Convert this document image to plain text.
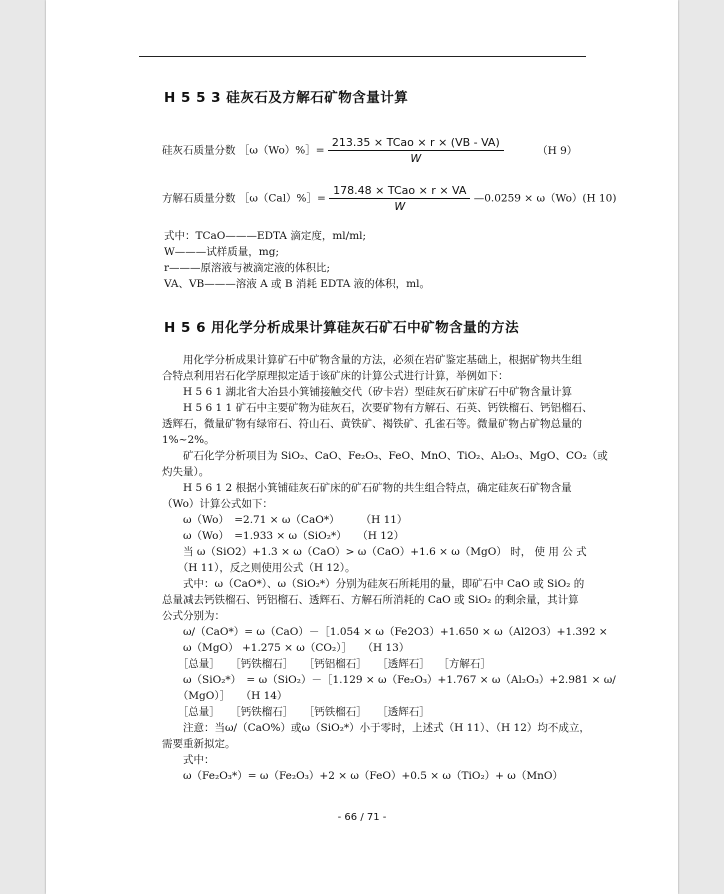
H 5 5 3 硅灰石及方解石矿物含量计算
硅灰石质量分数 ［ω（Wo）%］= $\frac{\text{213.35 × TCao × r × (VB - VA)}}{W}$	（H 9）
方解石质量分数 ［ω（Cal）%］= $\frac{\text{178.48 × TCao × r × VA}}{W}$ —0.0259 × ω（Wo）(H 10)
式中：TCaO———EDTA 滴定度，ml/ml;
W———试样质量，mg;
r———原溶液与被滴定液的体积比;
VA、VB———溶液 A 或 B 消耗 EDTA 液的体积，ml。
H 5 6 用化学分析成果计算硅灰石矿石中矿物含量的方法
　　用化学分析成果计算矿石中矿物含量的方法，必须在岩矿鉴定基础上，根据矿物共生组
合特点利用岩石化学原理拟定适于该矿床的计算公式进行计算，举例如下：
　　H 5 6 1 湖北省大冶县小箕铺接触交代（矽卡岩）型硅灰石矿床矿石中矿物含量计算
　　H 5 6 1 1 矿石中主要矿物为硅灰石，次要矿物有方解石、石英、钙铁榴石、钙铝榴石、
透辉石，微量矿物有绿帘石、符山石、黄铁矿、褐铁矿、孔雀石等。微量矿物占矿物总量的
1%~2%。
　　矿石化学分析项目为 SiO₂、CaO、Fe₂O₃、FeO、MnO、TiO₂、Al₂O₃、MgO、CO₂（或
灼失量）。
　　H 5 6 1 2 根据小箕铺硅灰石矿床的矿石矿物的共生组合特点，确定硅灰石矿物含量
（Wo）计算公式如下：
　　ω（Wo）　=2.71 × ω（CaO*）　　　（H 11）
　　ω（Wo）　=1.933 × ω（SiO₂*）　　（H 12）
　　当 ω（SiO2）+1.3 × ω（CaO）> ω（CaO）+1.6 × ω（MgO） 时， 使 用 公 式
　　（H 11），反之则使用公式（H 12）。
　　式中：ω（CaO*）、ω（SiO₂*）分别为硅灰石所耗用的量，即矿石中 CaO 或 SiO₂ 的
总量减去钙铁榴石、钙铝榴石、透辉石、方解石所消耗的 CaO 或 SiO₂ 的剩余量，其计算
公式分别为：
　　ω/（CaO*）= ω（CaO）－［1.054 × ω（Fe2O3）+1.650 × ω（Al2O3）+1.392 ×
　　ω（MgO） +1.275 × ω（CO₂）］　　（H 13）
　　［总量］　　［钙铁榴石］　　［钙铝榴石］　　［透辉石］　 ［方解石］
　　ω（SiO₂*）　= ω（SiO₂）－［1.129 × ω（Fe₂O₃）+1.767 × ω（Al₂O₃）+2.981 × ω/
　　（MgO）］　　（H 14）
　　［总量］　　［钙铁榴石］　　［钙铁榴石］　　［透辉石］
　　注意：当ω/（CaO%）或ω（SiO₂*）小于零时，上述式（H 11）、（H 12）均不成立，
需要重新拟定。
　　式中：
　　ω（Fe₂O₃*）= ω（Fe₂O₃）+2 × ω（FeO）+0.5 × ω（TiO₂）+ ω（MnO）
- 66 / 71 -
